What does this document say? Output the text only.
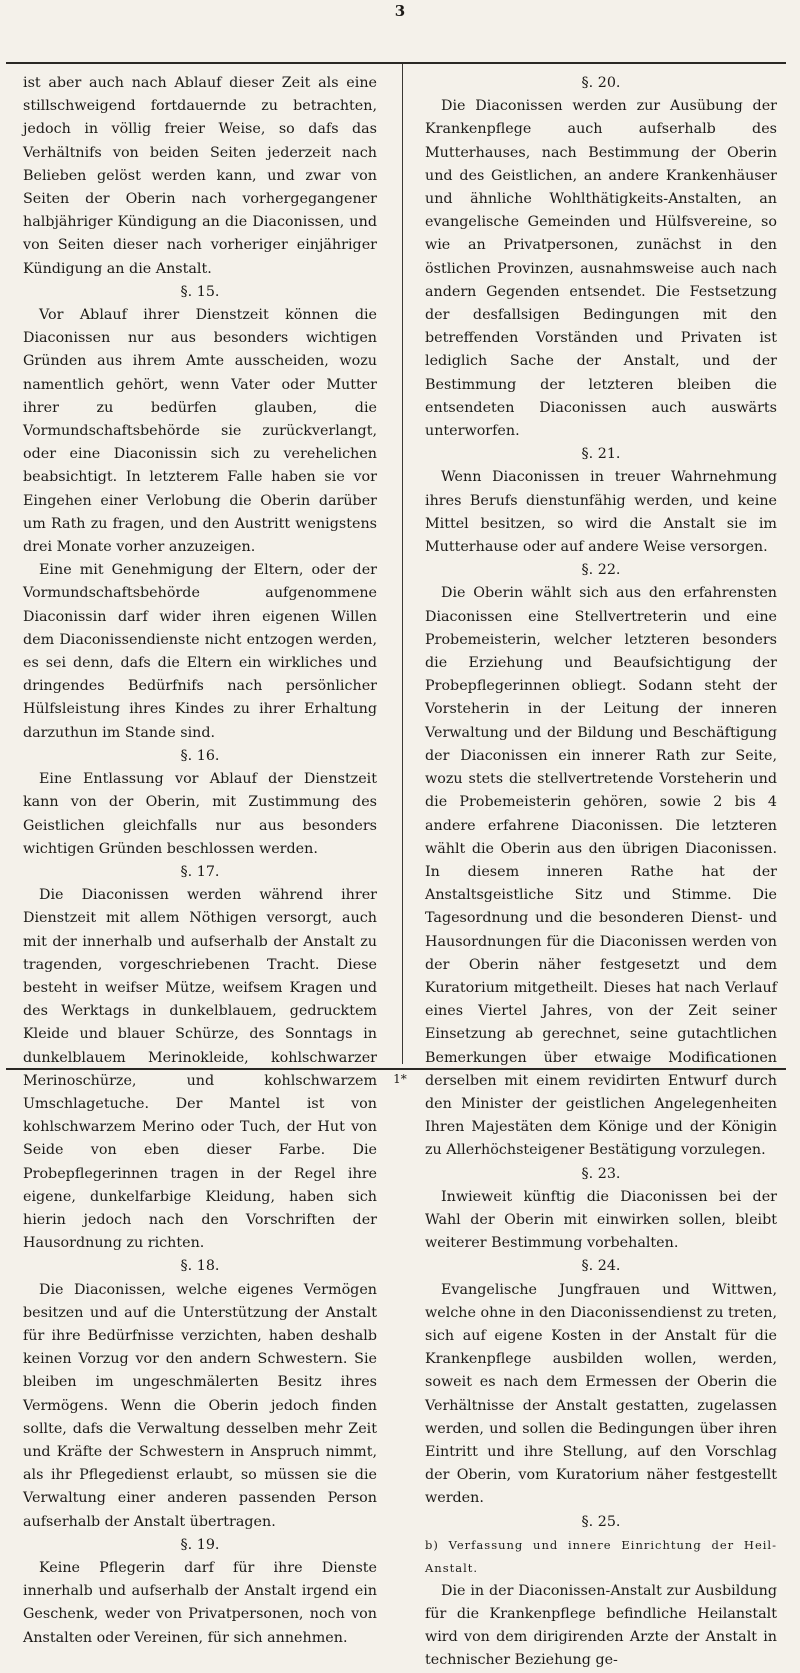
3

ist aber auch nach Ablauf dieser Zeit als eine stillschweigend fortdauernde zu betrachten, jedoch in völlig freier Weise, so dafs das Verhältnifs von beiden Seiten jederzeit nach Belieben gelöst werden kann, und zwar von Seiten der Oberin nach vorhergegangener halbjähriger Kündigung an die Diaconissen, und von Seiten dieser nach vorheriger einjähriger Kündigung an die Anstalt.

§. 15.

Vor Ablauf ihrer Dienstzeit können die Diaconissen nur aus besonders wichtigen Gründen aus ihrem Amte ausscheiden, wozu namentlich gehört, wenn Vater oder Mutter ihrer zu bedürfen glauben, die Vormundschaftsbehörde sie zurückverlangt, oder eine Diaconissin sich zu verehelichen beabsichtigt. In letzterem Falle haben sie vor Eingehen einer Verlobung die Oberin darüber um Rath zu fragen, und den Austritt wenigstens drei Monate vorher anzuzeigen.

Eine mit Genehmigung der Eltern, oder der Vormundschaftsbehörde aufgenommene Diaconissin darf wider ihren eigenen Willen dem Diaconissendienste nicht entzogen werden, es sei denn, dafs die Eltern ein wirkliches und dringendes Bedürfnifs nach persönlicher Hülfsleistung ihres Kindes zu ihrer Erhaltung darzuthun im Stande sind.

§. 16.

Eine Entlassung vor Ablauf der Dienstzeit kann von der Oberin, mit Zustimmung des Geistlichen gleichfalls nur aus besonders wichtigen Gründen beschlossen werden.

§. 17.

Die Diaconissen werden während ihrer Dienstzeit mit allem Nöthigen versorgt, auch mit der innerhalb und aufserhalb der Anstalt zu tragenden, vorgeschriebenen Tracht. Diese besteht in weifser Mütze, weifsem Kragen und des Werktags in dunkelblauem, gedrucktem Kleide und blauer Schürze, des Sonntags in dunkelblauem Merinokleide, kohlschwarzer Merinoschürze, und kohlschwarzem Umschlagetuche. Der Mantel ist von kohlschwarzem Merino oder Tuch, der Hut von Seide von eben dieser Farbe. Die Probepflegerinnen tragen in der Regel ihre eigene, dunkelfarbige Kleidung, haben sich hierin jedoch nach den Vorschriften der Hausordnung zu richten.

§. 18.

Die Diaconissen, welche eigenes Vermögen besitzen und auf die Unterstützung der Anstalt für ihre Bedürfnisse verzichten, haben deshalb keinen Vorzug vor den andern Schwestern. Sie bleiben im ungeschmälerten Besitz ihres Vermögens. Wenn die Oberin jedoch finden sollte, dafs die Verwaltung desselben mehr Zeit und Kräfte der Schwestern in Anspruch nimmt, als ihr Pflegedienst erlaubt, so müssen sie die Verwaltung einer anderen passenden Person aufserhalb der Anstalt übertragen.

§. 19.

Keine Pflegerin darf für ihre Dienste innerhalb und aufserhalb der Anstalt irgend ein Geschenk, weder von Privatpersonen, noch von Anstalten oder Vereinen, für sich annehmen.

§. 20.

Die Diaconissen werden zur Ausübung der Krankenpflege auch aufserhalb des Mutterhauses, nach Bestimmung der Oberin und des Geistlichen, an andere Krankenhäuser und ähnliche Wohlthätigkeits-Anstalten, an evangelische Gemeinden und Hülfsvereine, so wie an Privatpersonen, zunächst in den östlichen Provinzen, ausnahmsweise auch nach andern Gegenden entsendet. Die Festsetzung der desfallsigen Bedingungen mit den betreffenden Vorständen und Privaten ist lediglich Sache der Anstalt, und der Bestimmung der letzteren bleiben die entsendeten Diaconissen auch auswärts unterworfen.

§. 21.

Wenn Diaconissen in treuer Wahrnehmung ihres Berufs dienstunfähig werden, und keine Mittel besitzen, so wird die Anstalt sie im Mutterhause oder auf andere Weise versorgen.

§. 22.

Die Oberin wählt sich aus den erfahrensten Diaconissen eine Stellvertreterin und eine Probemeisterin, welcher letzteren besonders die Erziehung und Beaufsichtigung der Probepflegerinnen obliegt. Sodann steht der Vorsteherin in der Leitung der inneren Verwaltung und der Bildung und Beschäftigung der Diaconissen ein innerer Rath zur Seite, wozu stets die stellvertretende Vorsteherin und die Probemeisterin gehören, sowie 2 bis 4 andere erfahrene Diaconissen. Die letzteren wählt die Oberin aus den übrigen Diaconissen. In diesem inneren Rathe hat der Anstaltsgeistliche Sitz und Stimme. Die Tagesordnung und die besonderen Dienst- und Hausordnungen für die Diaconissen werden von der Oberin näher festgesetzt und dem Kuratorium mitgetheilt. Dieses hat nach Verlauf eines Viertel Jahres, von der Zeit seiner Einsetzung ab gerechnet, seine gutachtlichen Bemerkungen über etwaige Modificationen derselben mit einem revidirten Entwurf durch den Minister der geistlichen Angelegenheiten Ihren Majestäten dem Könige und der Königin zu Allerhöchsteigener Bestätigung vorzulegen.

§. 23.

Inwieweit künftig die Diaconissen bei der Wahl der Oberin mit einwirken sollen, bleibt weiterer Bestimmung vorbehalten.

§. 24.

Evangelische Jungfrauen und Wittwen, welche ohne in den Diaconissendienst zu treten, sich auf eigene Kosten in der Anstalt für die Krankenpflege ausbilden wollen, werden, soweit es nach dem Ermessen der Oberin die Verhältnisse der Anstalt gestatten, zugelassen werden, und sollen die Bedingungen über ihren Eintritt und ihre Stellung, auf den Vorschlag der Oberin, vom Kuratorium näher festgestellt werden.

§. 25.
b) Verfassung und innere Einrichtung der Heil-Anstalt.

Die in der Diaconissen-Anstalt zur Ausbildung für die Krankenpflege befindliche Heilanstalt wird von dem dirigirenden Arzte der Anstalt in technischer Beziehung ge-

1*
